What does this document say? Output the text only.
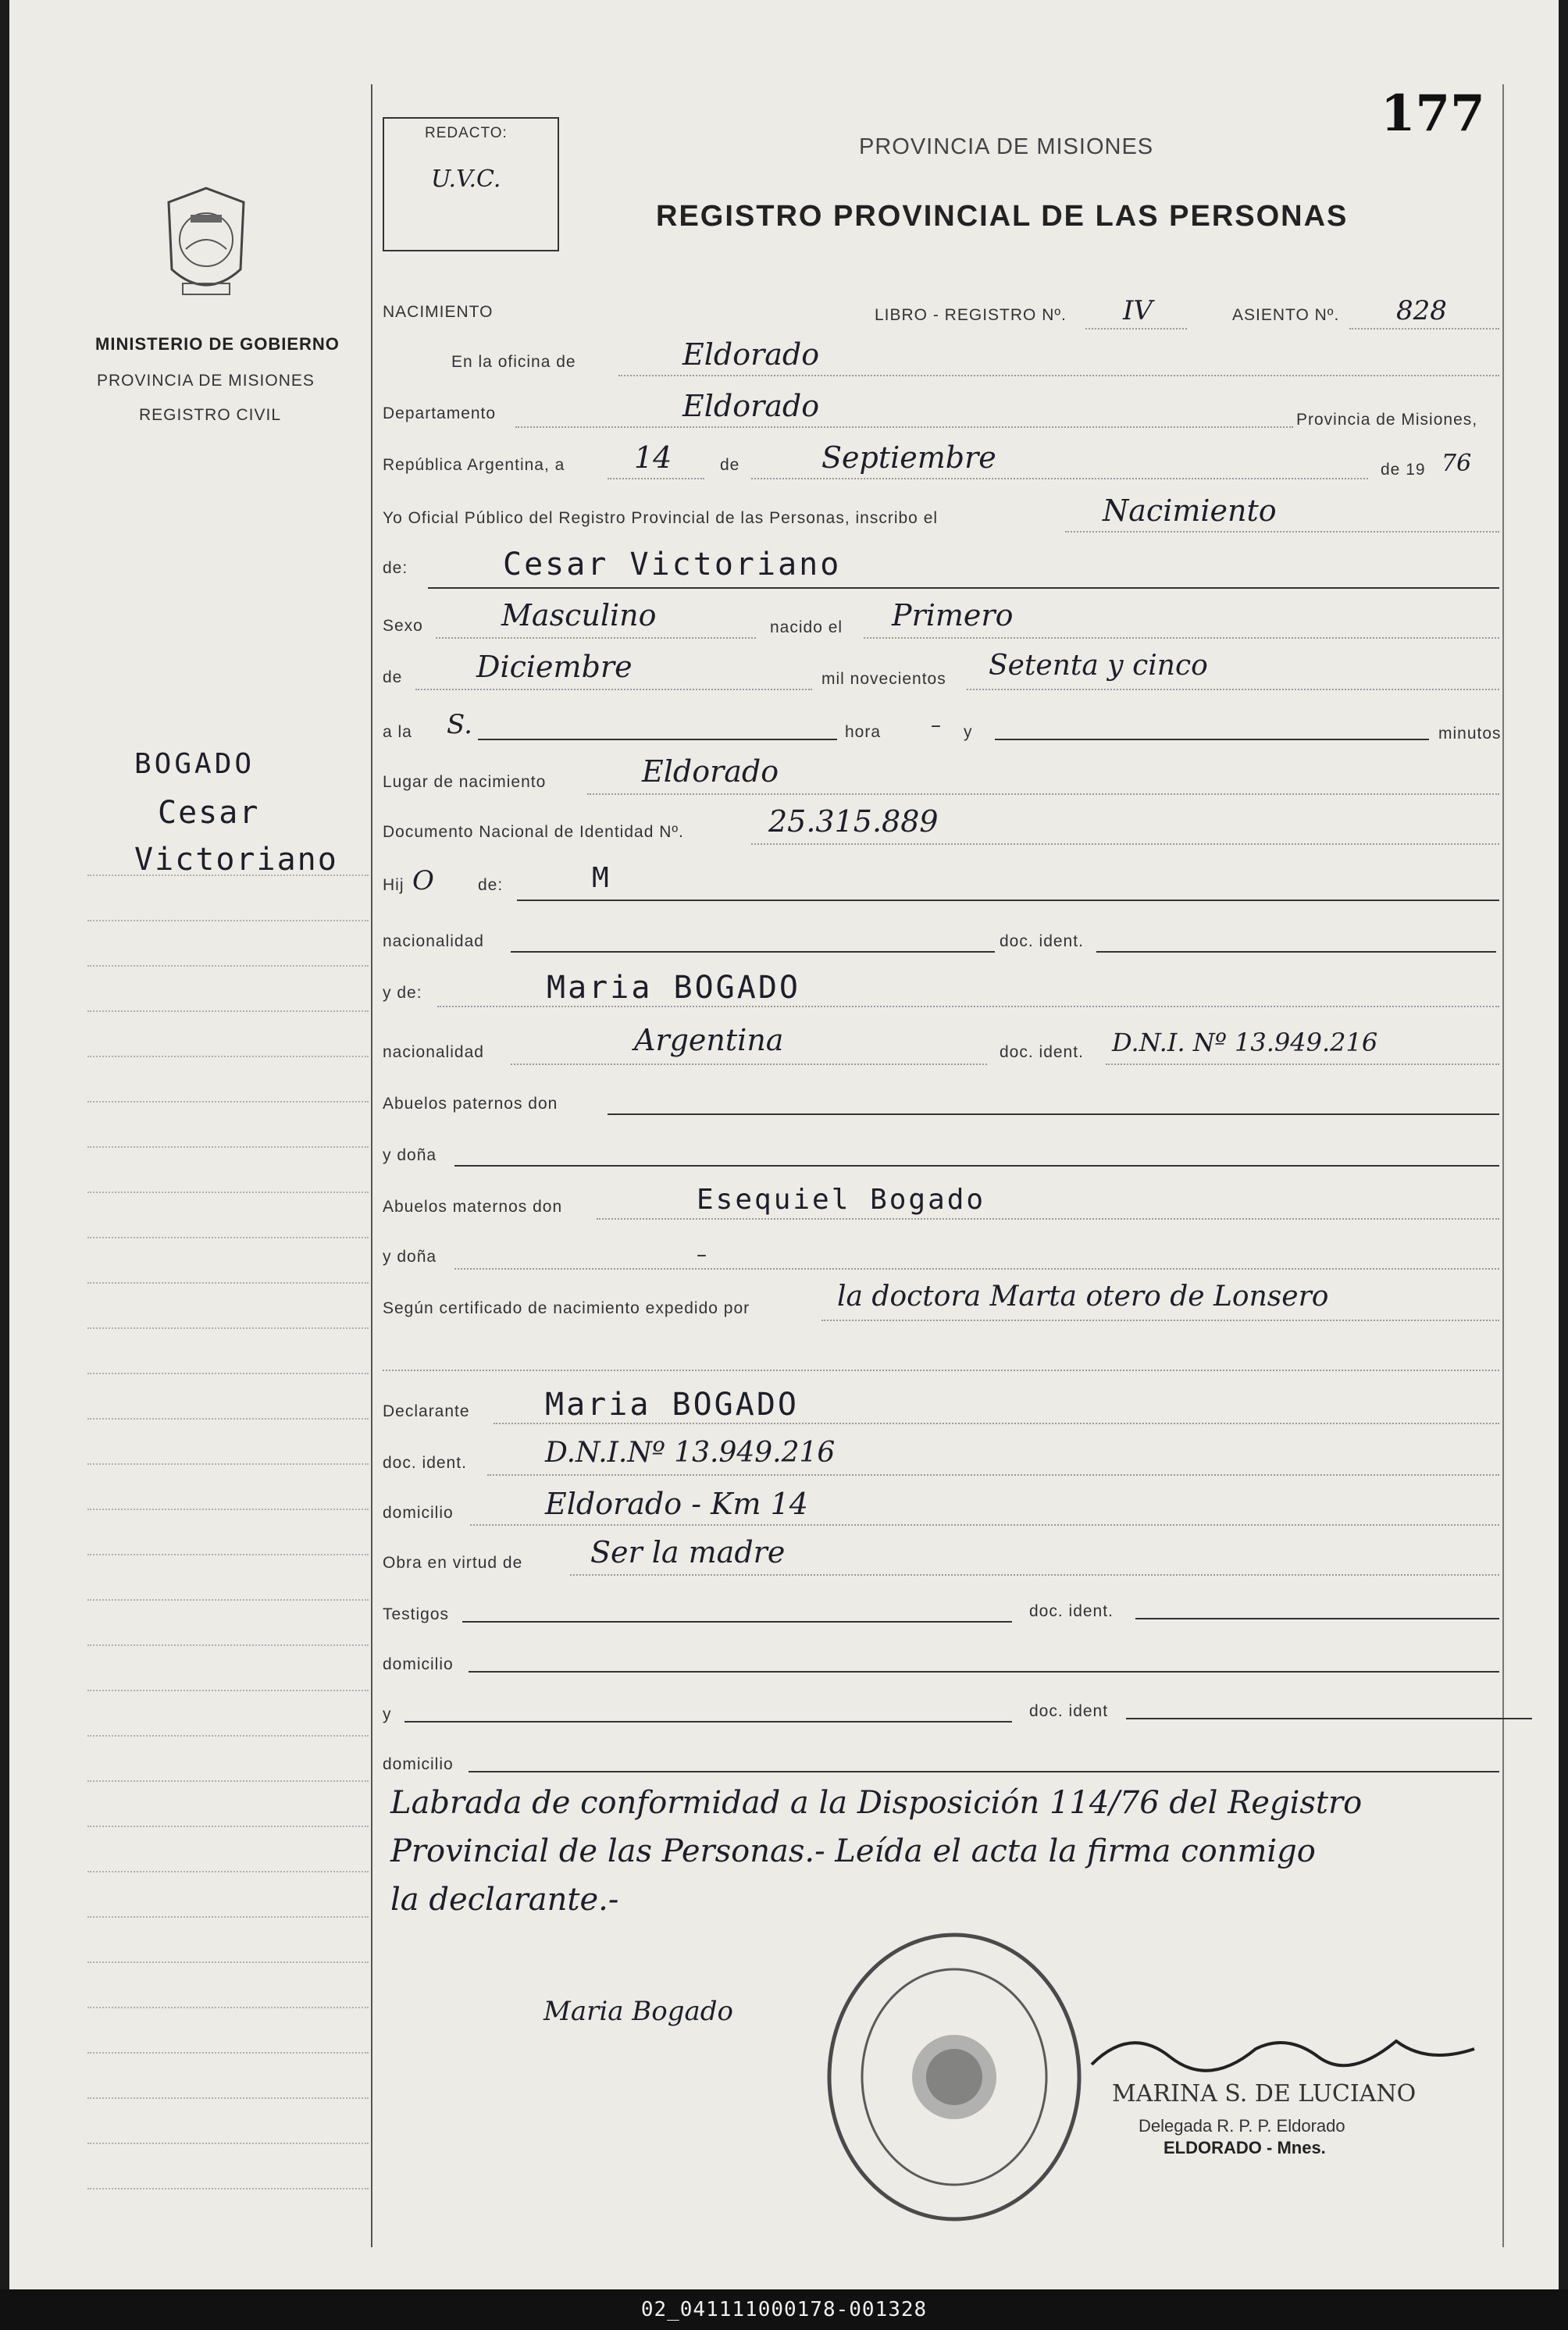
MINISTERIO DE GOBIERNO
PROVINCIA DE MISIONES
REGISTRO CIVIL
BOGADO
Cesar
Victoriano
REDACTO:
U.V.C.
177
PROVINCIA DE MISIONES
REGISTRO PROVINCIAL DE LAS PERSONAS
NACIMIENTO	LIBRO - REGISTRO Nº. IV	ASIENTO Nº. 828
En la oficina de	Eldorado
Departamento	Eldorado	Provincia de Misiones,
República Argentina, a 14	de	Septiembre	de 19 76
Yo Oficial Público del Registro Provincial de las Personas, inscribo el	Nacimiento
de:	Cesar Victoriano
Sexo	Masculino	nacido el Primero
de Diciembre	mil novecientos Setenta y cinco
a la S.	hora – y	minutos
Lugar de nacimiento	Eldorado
Documento Nacional de Identidad Nº.	25.315.889
Hij O	de:	M
nacionalidad	doc. ident.
y de:	Maria BOGADO
nacionalidad	Argentina	doc. ident. D.N.I. Nº 13.949.216
Abuelos paternos don
y doña
Abuelos maternos don	Esequiel Bogado
y doña	–
Según certificado de nacimiento expedido por	la doctora Marta otero de Lonsero
Declarante Maria BOGADO
doc. ident.	D.N.I.Nº 13.949.216
domicilio	Eldorado - Km 14
Obra en virtud de Ser la madre
Testigos	doc. ident.
domicilio
y	doc. ident
domicilio
Labrada de conformidad a la Disposición 114/76 del Registro
Provincial de las Personas.- Leída el acta la firma conmigo
la declarante.-
Maria Bogado
MARINA S. DE LUCIANO
Delegada R. P. P. Eldorado
ELDORADO - Mnes.
02_041111000178-001328
